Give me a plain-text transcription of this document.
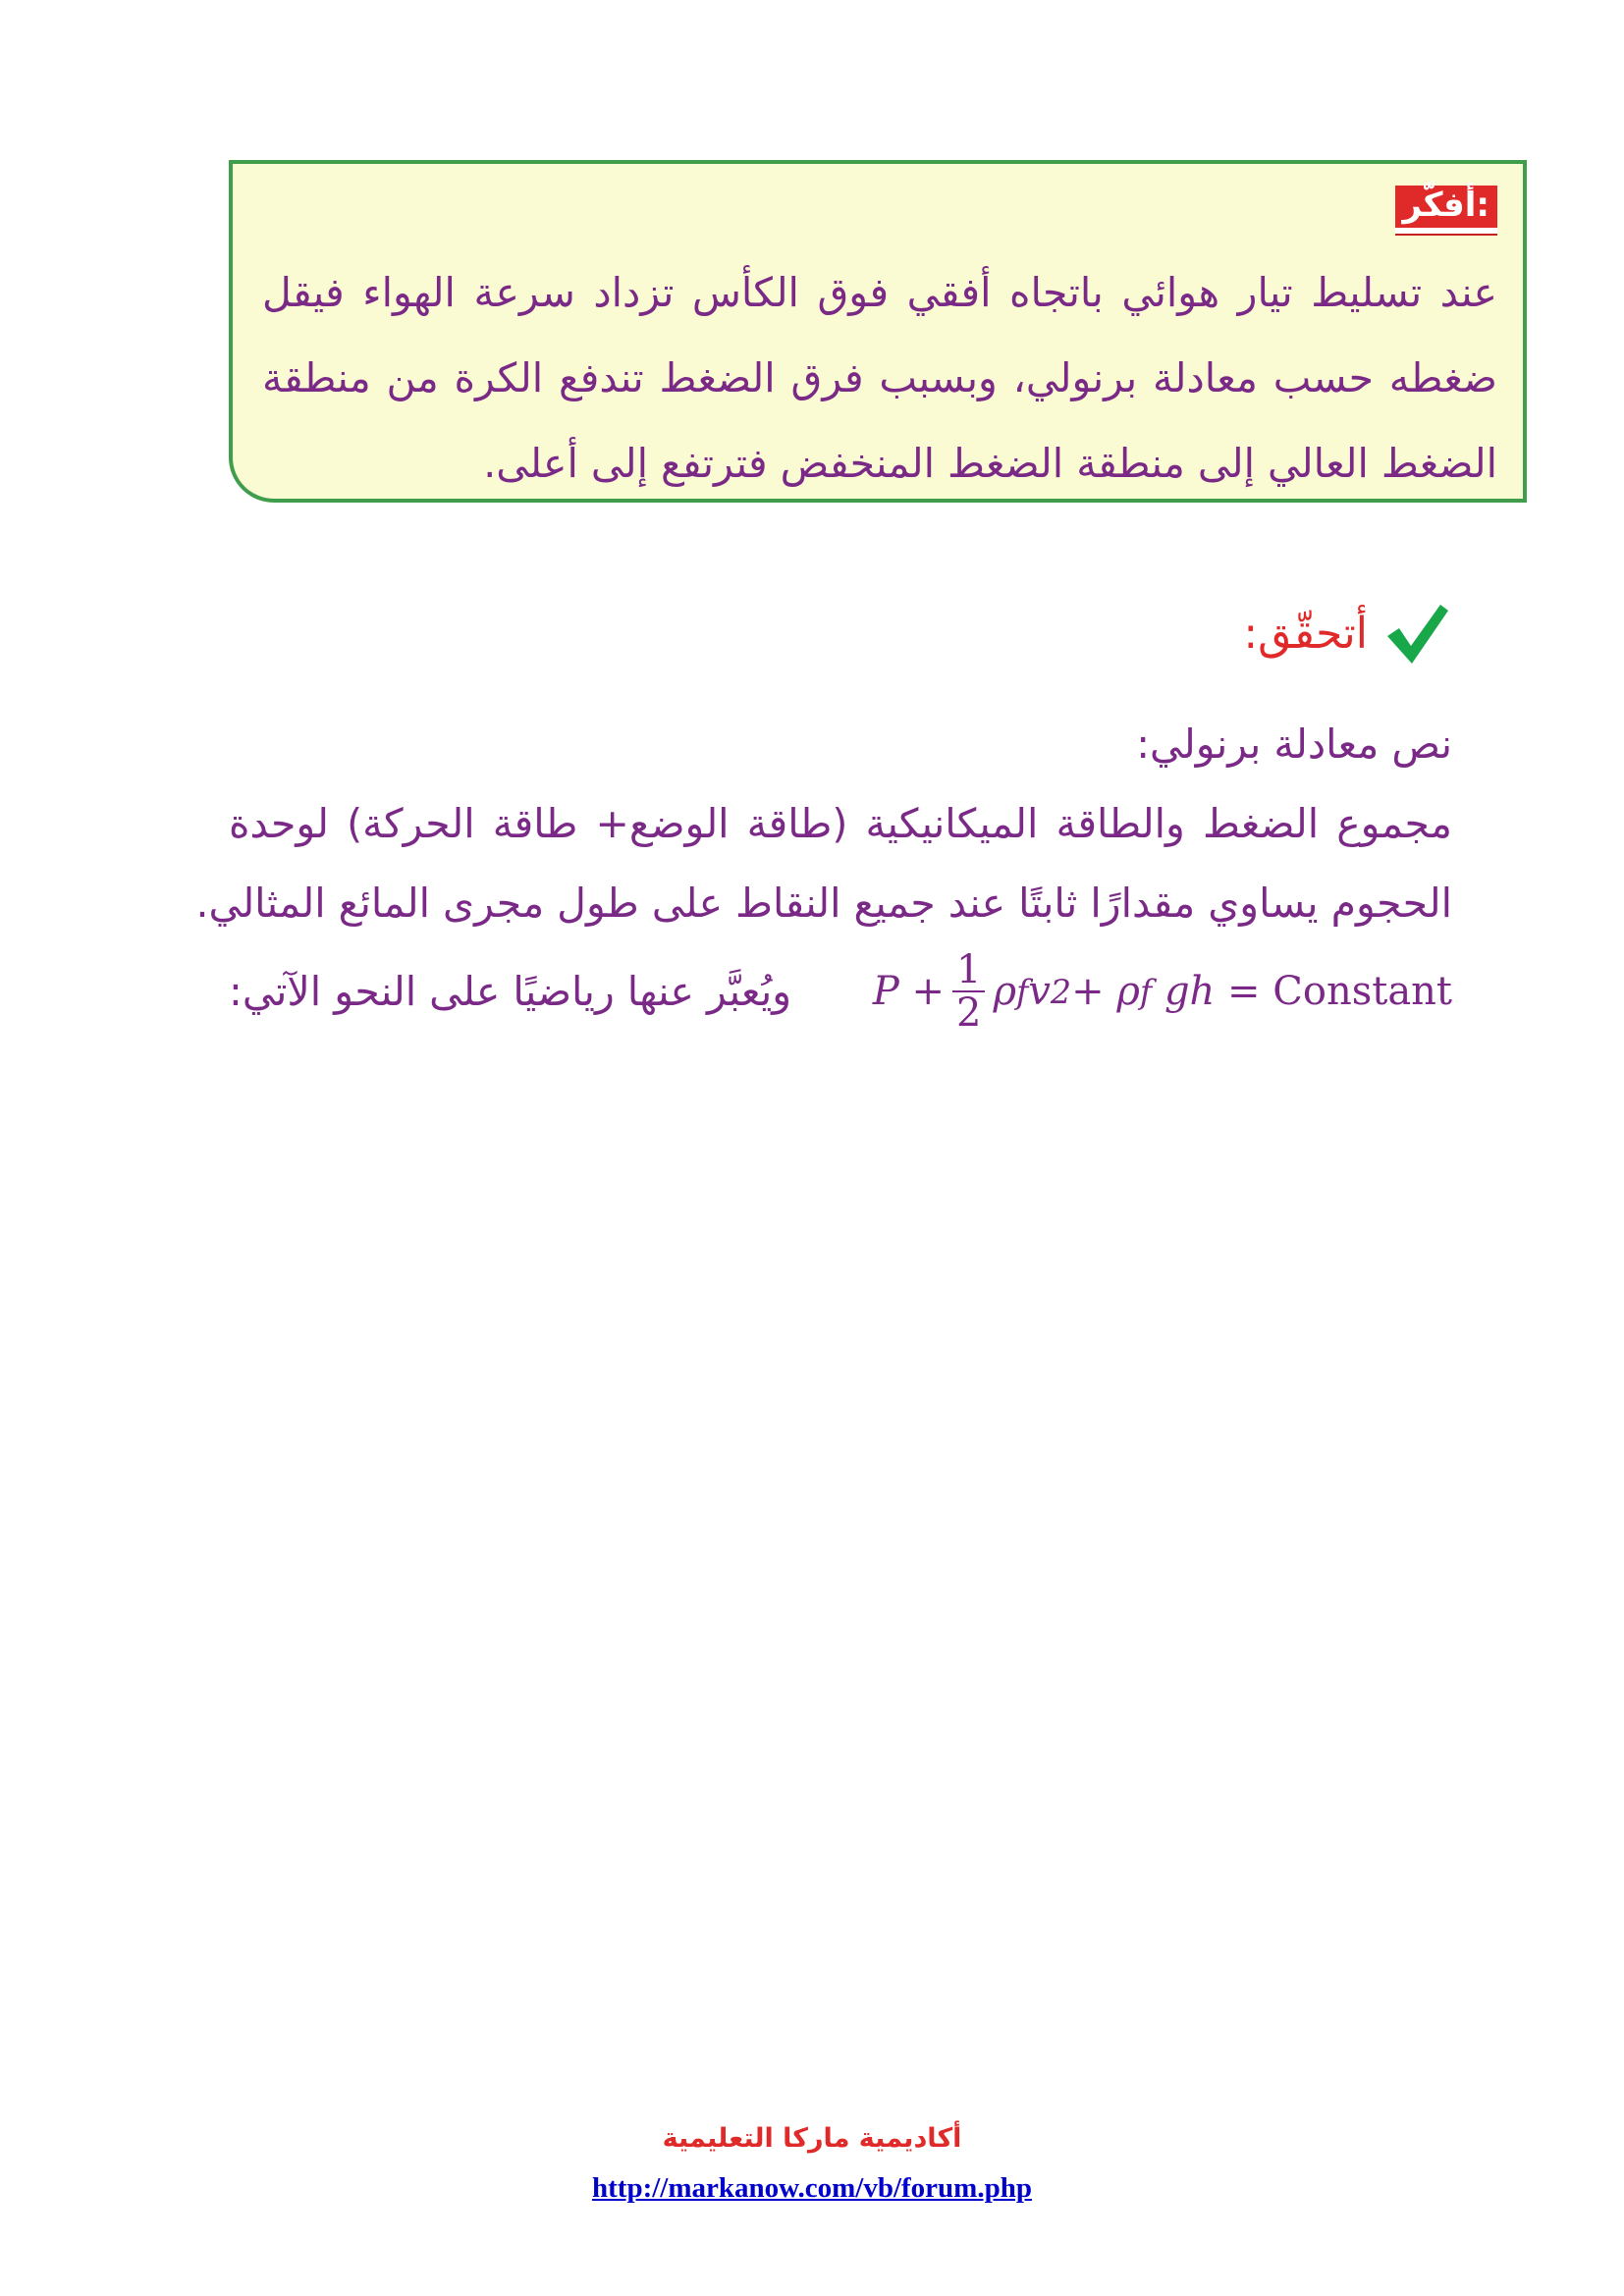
أفكّر:
عند تسليط تيار هوائي باتجاه أفقي فوق الكأس تزداد سرعة الهواء فيقل ضغطه حسب معادلة برنولي، وبسبب فرق الضغط تندفع الكرة من منطقة الضغط العالي إلى منطقة الضغط المنخفض فترتفع إلى أعلى.
أتحقّق:
نص معادلة برنولي:
مجموع الضغط والطاقة الميكانيكية (طاقة الوضع+ طاقة الحركة) لوحدة
الحجوم يساوي مقدارًا ثابتًا عند جميع النقاط على طول مجرى المائع المثالي.
ويُعبَّر عنها رياضيًا على النحو الآتي: $P + \frac{1}{2}$ ρ f v 2 + ρ f gh = Constant
أكاديمية ماركا التعليمية
http://markanow.com/vb/forum.php
